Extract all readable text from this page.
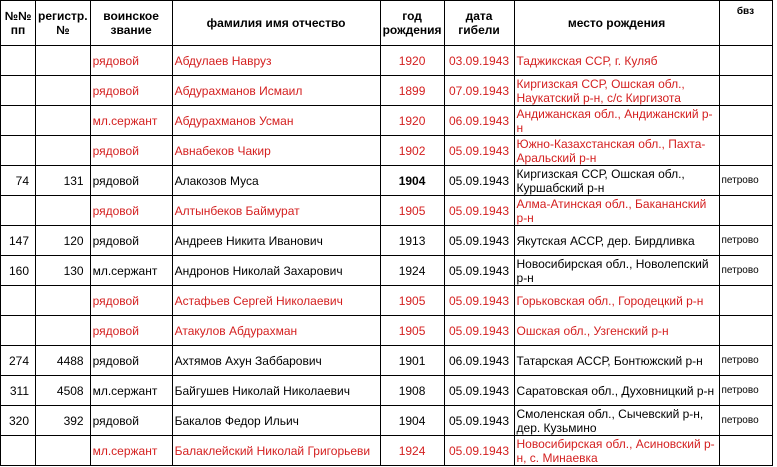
№№ пп	регистр. №	воинское звание	фамилия имя отчество	год рождения	дата гибели	место рождения	бвз
		рядовой	Абдулаев Навруз	1920	03.09.1943	Таджикская ССР, г. Куляб	
		рядовой	Абдурахманов Исмаил	1899	07.09.1943	Киргизская ССР, Ошская обл., Наукатский р-н, с/с Киргизота	
		мл.сержант	Абдурахманов Усман	1920	06.09.1943	Андижанская обл., Андижанский р-н	
		рядовой	Авнабеков Чакир	1902	05.09.1943	Южно-Казахстанская обл., Пахта-Аральский р-н	
74	131	рядовой	Алакозов Муса	1904	05.09.1943	Киргизская ССР, Ошская обл., Куршабский р-н	петрово
		рядовой	Алтынбеков Баймурат	1905	05.09.1943	Алма-Атинская обл., Бакананский р-н	
147	120	рядовой	Андреев Никита Иванович	1913	05.09.1943	Якутская АССР, дер. Бирдливка	петрово
160	130	мл.сержант	Андронов Николай Захарович	1924	05.09.1943	Новосибирская обл., Новолепский р-н	петрово
		рядовой	Астафьев Сергей Николаевич	1905	05.09.1943	Горьковская обл., Городецкий р-н	
		рядовой	Атакулов Абдурахман	1905	05.09.1943	Ошская обл., Узгенский р-н	
274	4488	рядовой	Ахтямов Ахун Заббарович	1901	06.09.1943	Татарская АССР, Бонтюжский р-н	петрово
311	4508	мл.сержант	Байгушев Николай Николаевич	1908	05.09.1943	Саратовская обл., Духовницкий р-н	петрово
320	392	рядовой	Бакалов Федор Ильич	1904	05.09.1943	Смоленская обл., Сычевский р-н, дер. Кузьмино	петрово
		мл.сержант	Балаклейский Николай Григорьеви	1924	05.09.1943	Новосибирская обл., Асиновский р-н, с. Минаевка	
